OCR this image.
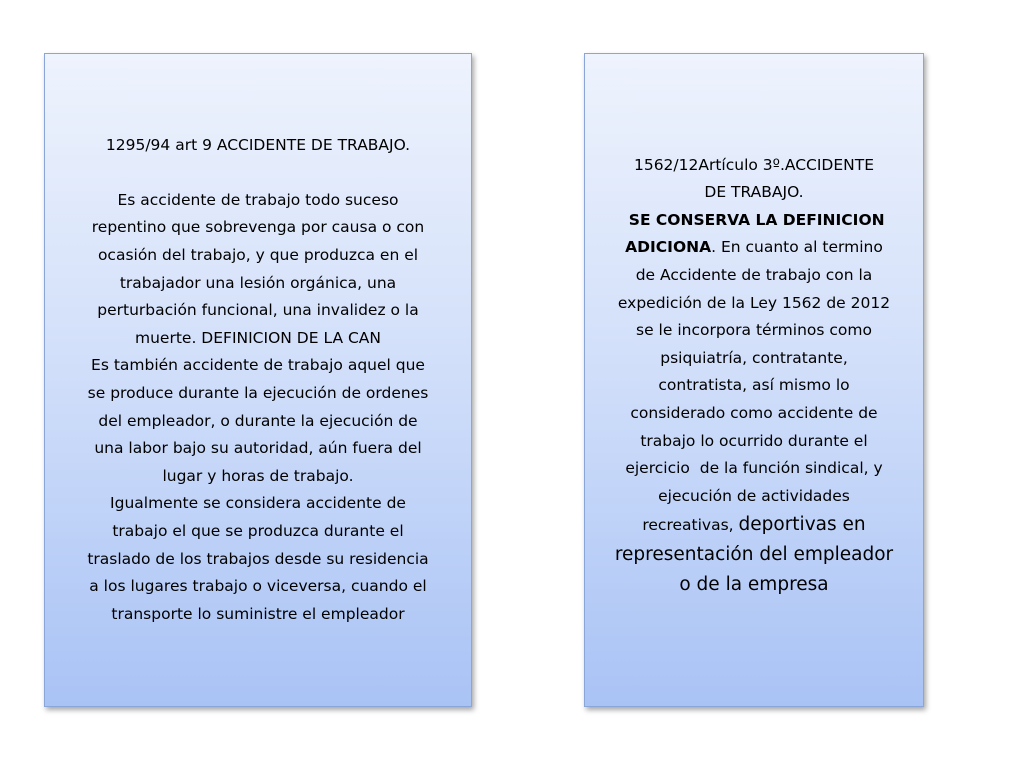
1295/94 art 9 ACCIDENTE DE TRABAJO.
Es accidente de trabajo todo suceso
repentino que sobrevenga por causa o con
ocasión del trabajo, y que produzca en el
trabajador una lesión orgánica, una
perturbación funcional, una invalidez o la
muerte. DEFINICION DE LA CAN
Es también accidente de trabajo aquel que
se produce durante la ejecución de ordenes
del empleador, o durante la ejecución de
una labor bajo su autoridad, aún fuera del
lugar y horas de trabajo.
Igualmente se considera accidente de
trabajo el que se produzca durante el
traslado de los trabajos desde su residencia
a los lugares trabajo o viceversa, cuando el
transporte lo suministre el empleador
1562/12Artículo 3º.ACCIDENTE
DE TRABAJO.
SE CONSERVA LA DEFINICION
ADICIONA. En cuanto al termino
de Accidente de trabajo con la
expedición de la Ley 1562 de 2012
se le incorpora términos como
psiquiatría, contratante,
contratista, así mismo lo
considerado como accidente de
trabajo lo ocurrido durante el
ejercicio  de la función sindical, y
ejecución de actividades
recreativas, deportivas en
representación del empleador
o de la empresa
